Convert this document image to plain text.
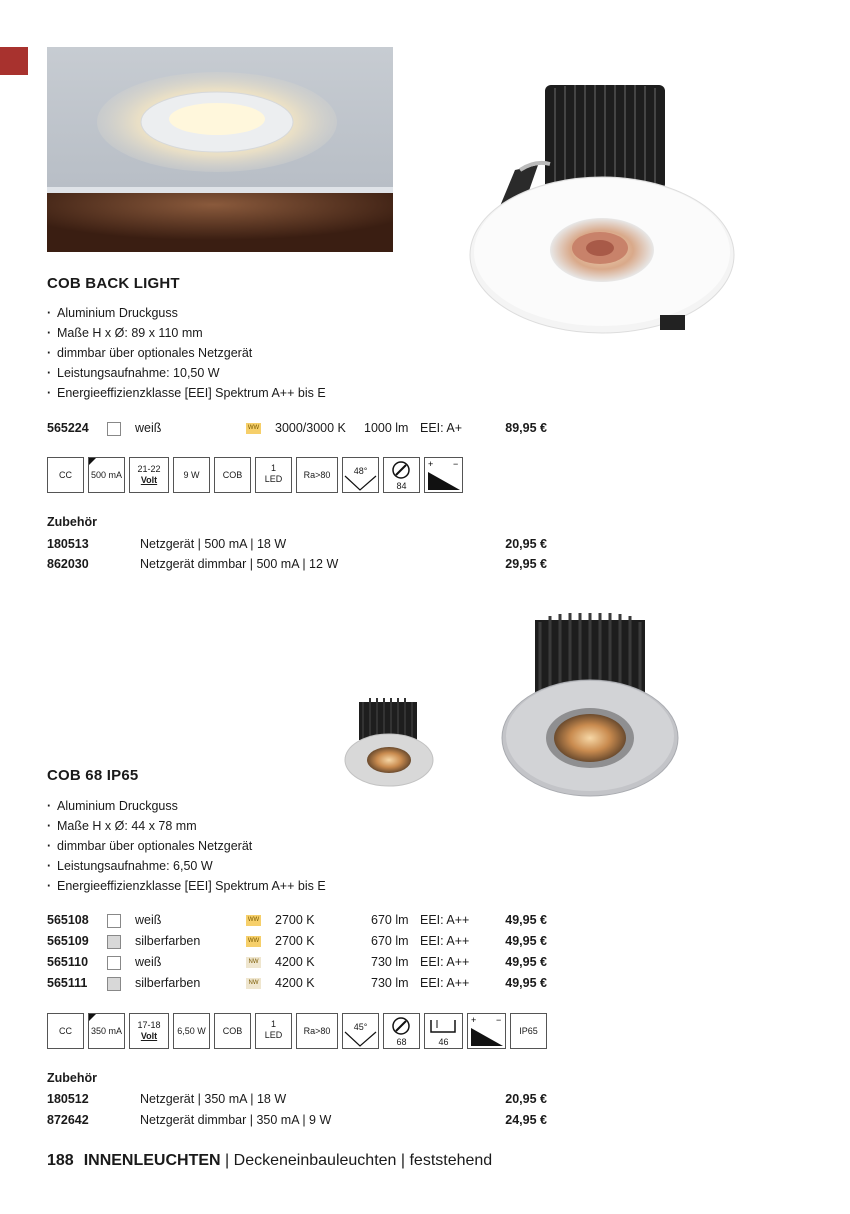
COB BACK LIGHT
· Aluminium Druckguss
· Maße H x Ø: 89 x 110 mm
· dimmbar über optionales Netzgerät
· Leistungsaufnahme: 10,50 W
· Energieeffizienzklasse [EEI] Spektrum A++ bis E
565224	weiß	WW 3000/3000 K 1000 lm EEI: A+	89,95 €
CC	500 mA
21-22
Volt	9 W	COB
1
LED	Ra>80	48°
84
+ −
Zubehör
180513	Netzgerät | 500 mA | 18 W	20,95 €
862030	Netzgerät dimmbar | 500 mA | 12 W	29,95 €
COB 68 IP65
· Aluminium Druckguss
· Maße H x Ø: 44 x 78 mm
· dimmbar über optionales Netzgerät
· Leistungsaufnahme: 6,50 W
· Energieeffizienzklasse [EEI] Spektrum A++ bis E
565108	weiß	WW 2700 K	670 lm EEI: A++	49,95 €
565109	silberfarben	WW 2700 K	670 lm EEI: A++	49,95 €
565110	weiß	NW 4200 K	730 lm EEI: A++	49,95 €
565111	silberfarben	NW 4200 K	730 lm EEI: A++	49,95 €
CC	350 mA
17-18
Volt	6,50 W	COB
1
LED	Ra>80	45°
68	46
+ −
IP65
Zubehör
180512	Netzgerät | 350 mA | 18 W	20,95 €
872642	Netzgerät dimmbar | 350 mA | 9 W	24,95 €
188 INNENLEUCHTEN | Deckeneinbauleuchten | feststehend
